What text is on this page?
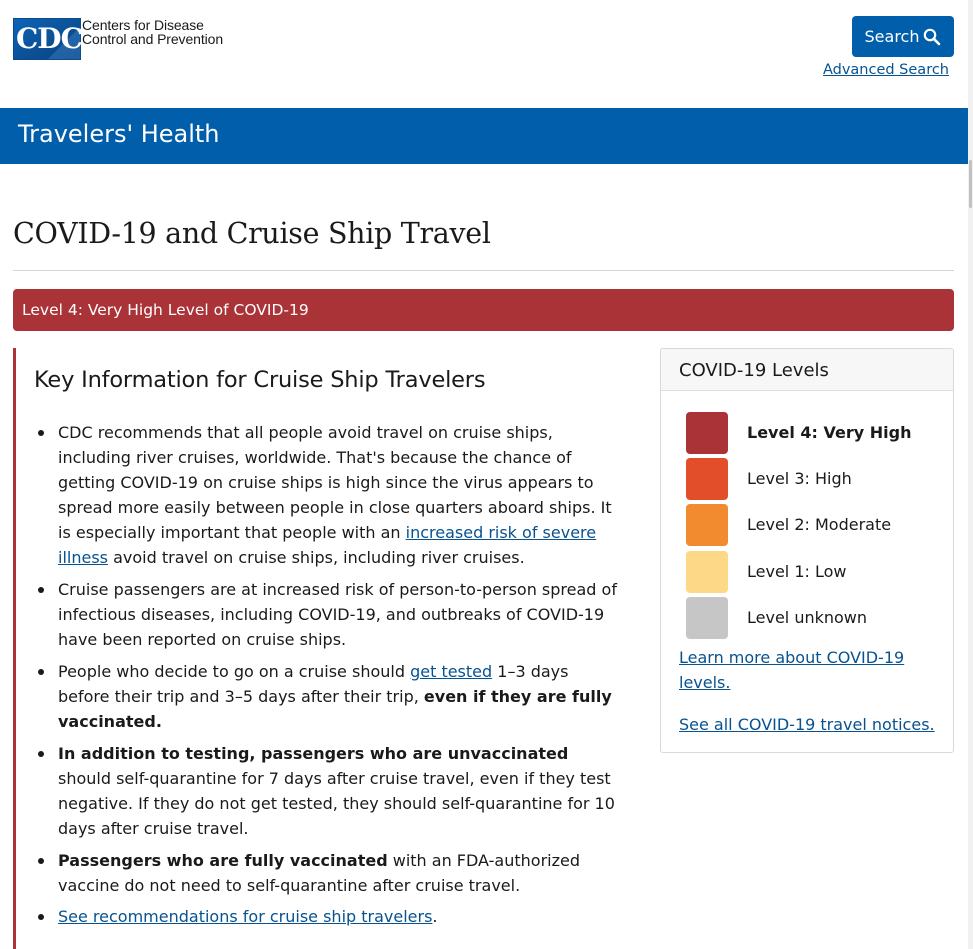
CDC Centers for Disease
Control and Prevention	Search
Advanced Search
Travelers' Health
COVID-19 and Cruise Ship Travel
Level 4: Very High Level of COVID-19
Key Information for Cruise Ship Travelers
CDC recommends that all people avoid travel on cruise ships, including river cruises, worldwide. That's because the chance of getting COVID-19 on cruise ships is high since the virus appears to spread more easily between people in close quarters aboard ships. It is especially important that people with an increased risk of severe illness avoid travel on cruise ships, including river cruises.
Cruise passengers are at increased risk of person-to-person spread of infectious diseases, including COVID-19, and outbreaks of COVID-19 have been reported on cruise ships.
People who decide to go on a cruise should get tested 1–3 days before their trip and 3–5 days after their trip, even if they are fully vaccinated.
In addition to testing, passengers who are unvaccinated should self-quarantine for 7 days after cruise travel, even if they test negative. If they do not get tested, they should self-quarantine for 10 days after cruise travel.
Passengers who are fully vaccinated with an FDA-authorized vaccine do not need to self-quarantine after cruise travel.
See recommendations for cruise ship travelers.
COVID-19 Levels
Level 4: Very High
Level 3: High
Level 2: Moderate
Level 1: Low
Level unknown
Learn more about COVID-19 levels.
See all COVID-19 travel notices.
